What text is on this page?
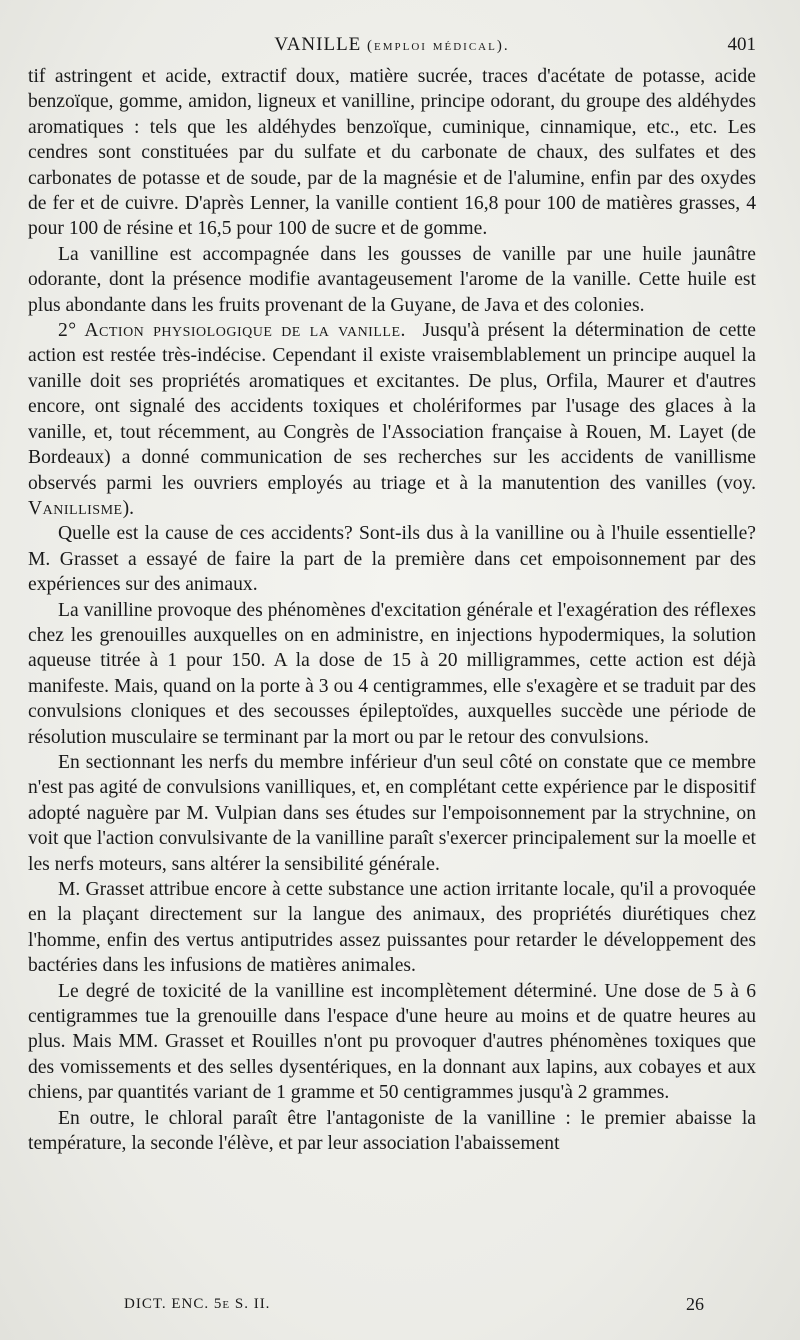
VANILLE (emploi médical).	401

tif astringent et acide, extractif doux, matière sucrée, traces d'acétate de potasse, acide benzoïque, gomme, amidon, ligneux et vanilline, principe odorant, du groupe des aldéhydes aromatiques : tels que les aldéhydes benzoïque, cuminique, cinnamique, etc., etc. Les cendres sont constituées par du sulfate et du carbonate de chaux, des sulfates et des carbonates de potasse et de soude, par de la magnésie et de l'alumine, enfin par des oxydes de fer et de cuivre. D'après Lenner, la vanille contient 16,8 pour 100 de matières grasses, 4 pour 100 de résine et 16,5 pour 100 de sucre et de gomme.

La vanilline est accompagnée dans les gousses de vanille par une huile jaunâtre odorante, dont la présence modifie avantageusement l'arome de la vanille. Cette huile est plus abondante dans les fruits provenant de la Guyane, de Java et des colonies.

2° Action physiologique de la vanille. Jusqu'à présent la détermination de cette action est restée très-indécise. Cependant il existe vraisemblablement un principe auquel la vanille doit ses propriétés aromatiques et excitantes. De plus, Orfila, Maurer et d'autres encore, ont signalé des accidents toxiques et cholériformes par l'usage des glaces à la vanille, et, tout récemment, au Congrès de l'Association française à Rouen, M. Layet (de Bordeaux) a donné communication de ses recherches sur les accidents de vanillisme observés parmi les ouvriers employés au triage et à la manutention des vanilles (voy. Vanillisme).

Quelle est la cause de ces accidents? Sont-ils dus à la vanilline ou à l'huile essentielle? M. Grasset a essayé de faire la part de la première dans cet empoisonnement par des expériences sur des animaux.

La vanilline provoque des phénomènes d'excitation générale et l'exagération des réflexes chez les grenouilles auxquelles on en administre, en injections hypodermiques, la solution aqueuse titrée à 1 pour 150. A la dose de 15 à 20 milligrammes, cette action est déjà manifeste. Mais, quand on la porte à 3 ou 4 centigrammes, elle s'exagère et se traduit par des convulsions cloniques et des secousses épileptoïdes, auxquelles succède une période de résolution musculaire se terminant par la mort ou par le retour des convulsions.

En sectionnant les nerfs du membre inférieur d'un seul côté on constate que ce membre n'est pas agité de convulsions vanilliques, et, en complétant cette expérience par le dispositif adopté naguère par M. Vulpian dans ses études sur l'empoisonnement par la strychnine, on voit que l'action convulsivante de la vanilline paraît s'exercer principalement sur la moelle et les nerfs moteurs, sans altérer la sensibilité générale.

M. Grasset attribue encore à cette substance une action irritante locale, qu'il a provoquée en la plaçant directement sur la langue des animaux, des propriétés diurétiques chez l'homme, enfin des vertus antiputrides assez puissantes pour retarder le développement des bactéries dans les infusions de matières animales.

Le degré de toxicité de la vanilline est incomplètement déterminé. Une dose de 5 à 6 centigrammes tue la grenouille dans l'espace d'une heure au moins et de quatre heures au plus. Mais MM. Grasset et Rouilles n'ont pu provoquer d'autres phénomènes toxiques que des vomissements et des selles dysentériques, en la donnant aux lapins, aux cobayes et aux chiens, par quantités variant de 1 gramme et 50 centigrammes jusqu'à 2 grammes.

En outre, le chloral paraît être l'antagoniste de la vanilline : le premier abaisse la température, la seconde l'élève, et par leur association l'abaissement

DICT. ENC. 5e S. II.	26
